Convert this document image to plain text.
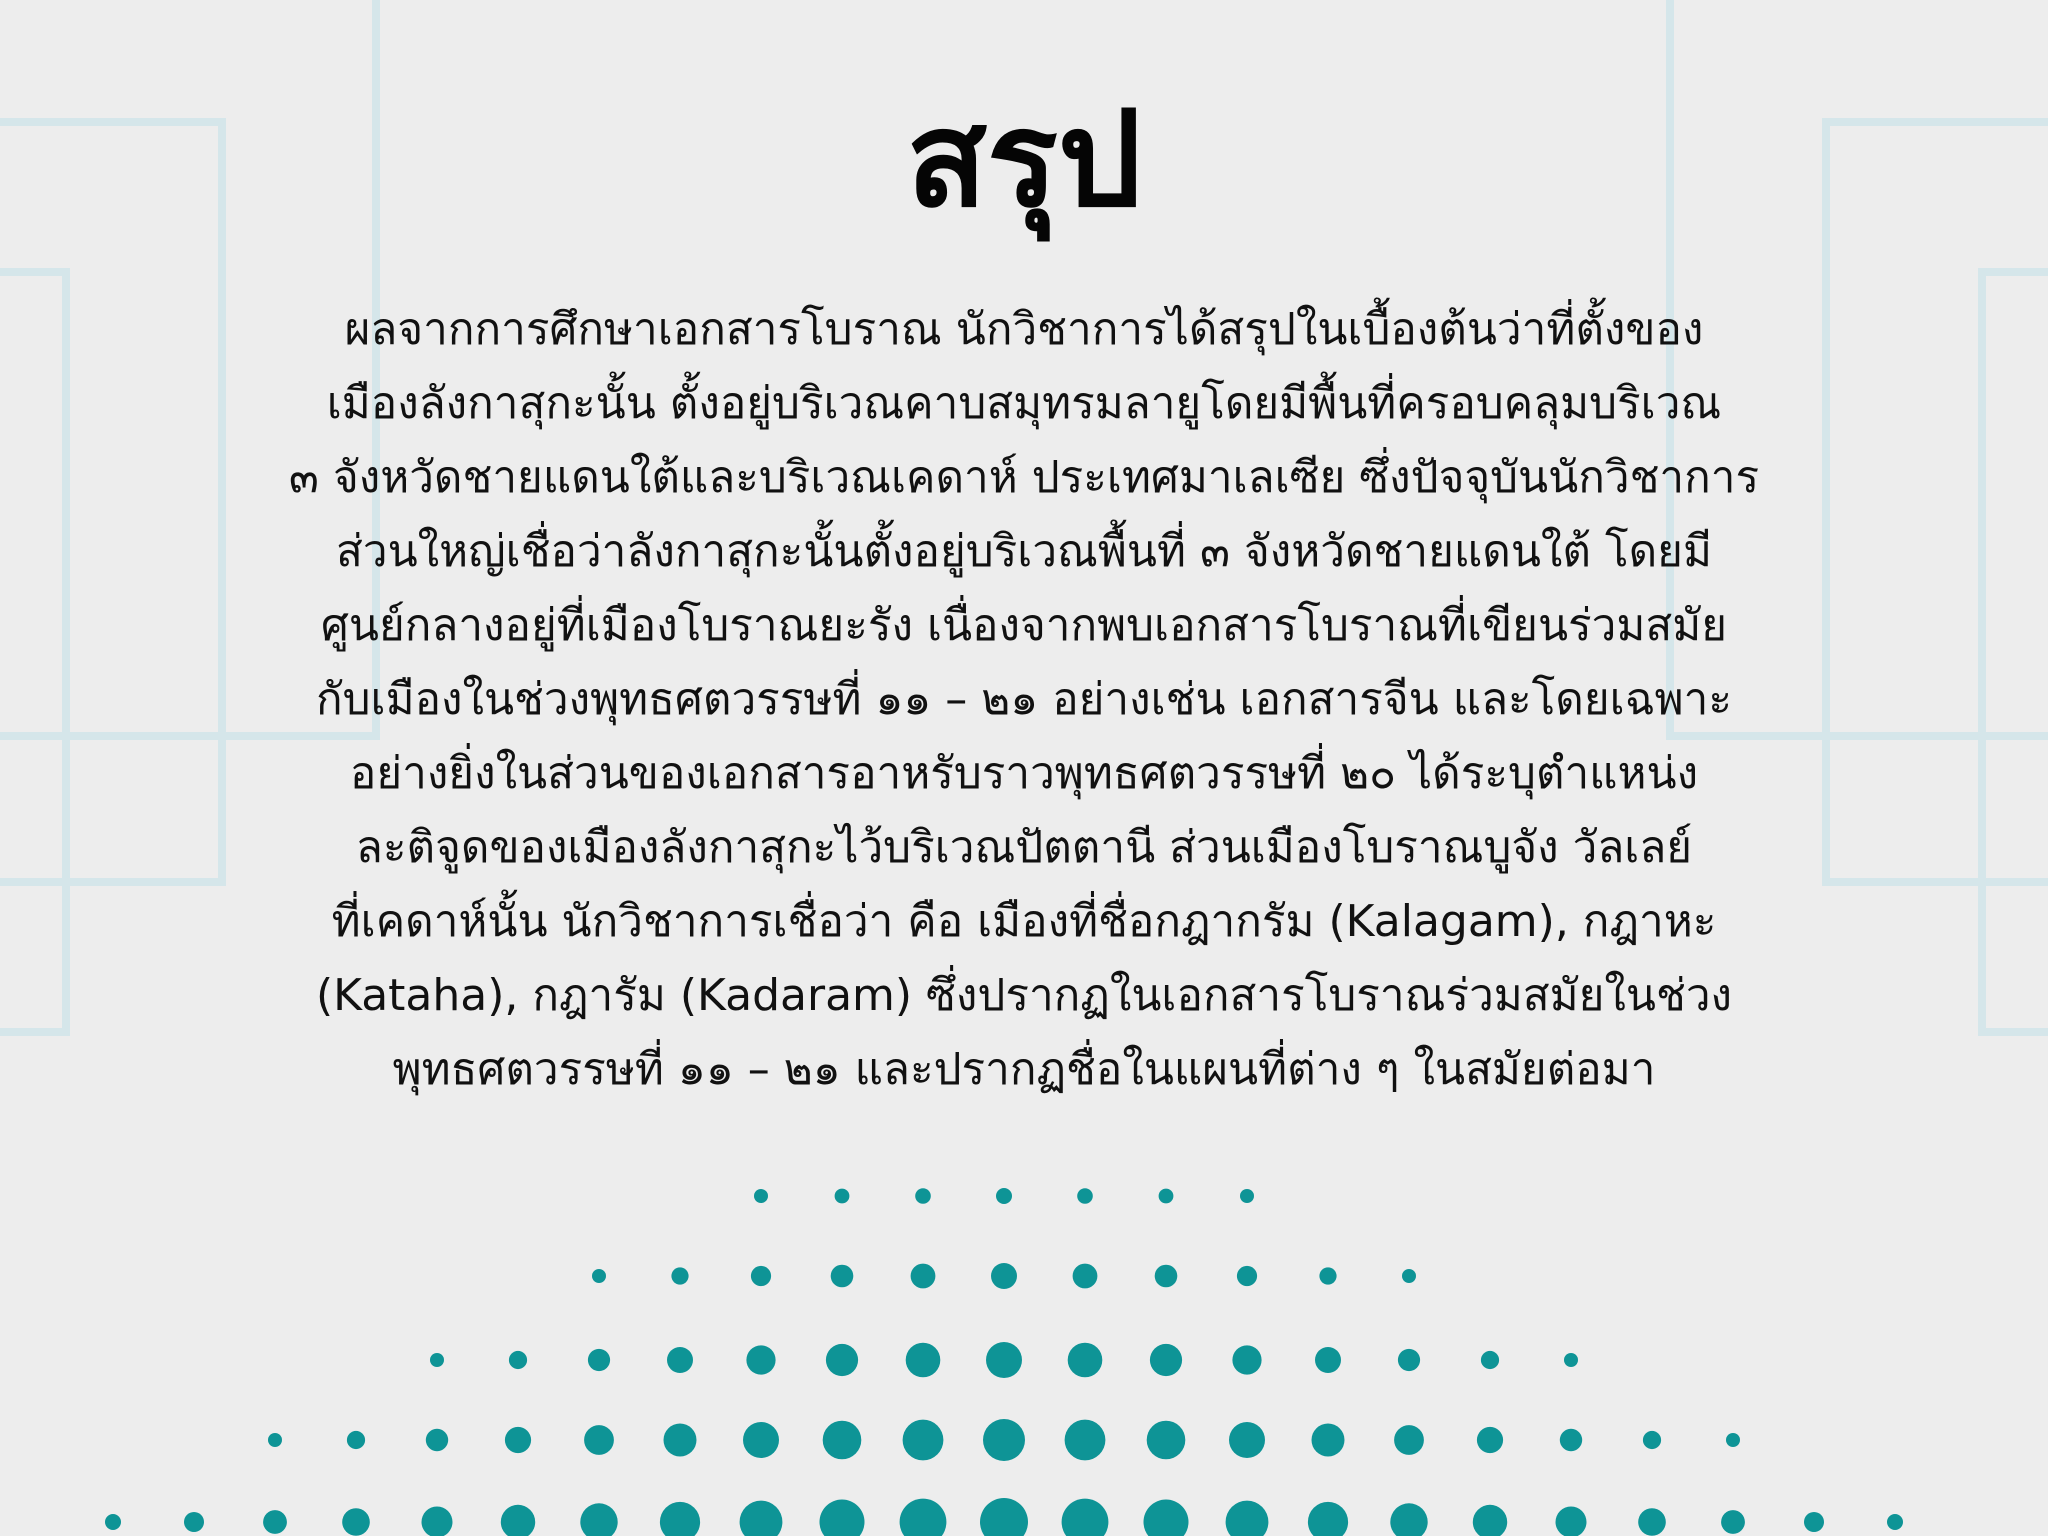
สรุป
ผลจากการศึกษาเอกสารโบราณ นักวิชาการได้สรุปในเบื้องต้นว่าที่ตั้งของ
เมืองลังกาสุกะนั้น ตั้งอยู่บริเวณคาบสมุทรมลายูโดยมีพื้นที่ครอบคลุมบริเวณ
๓ จังหวัดชายแดนใต้และบริเวณเคดาห์ ประเทศมาเลเซีย ซึ่งปัจจุบันนักวิชาการ
ส่วนใหญ่เชื่อว่าลังกาสุกะนั้นตั้งอยู่บริเวณพื้นที่ ๓ จังหวัดชายแดนใต้ โดยมี
ศูนย์กลางอยู่ที่เมืองโบราณยะรัง เนื่องจากพบเอกสารโบราณที่เขียนร่วมสมัย
กับเมืองในช่วงพุทธศตวรรษที่ ๑๑ – ๒๑ อย่างเช่น เอกสารจีน และโดยเฉพาะ
อย่างยิ่งในส่วนของเอกสารอาหรับราวพุทธศตวรรษที่ ๒๐ ได้ระบุตำแหน่ง
ละติจูดของเมืองลังกาสุกะไว้บริเวณปัตตานี ส่วนเมืองโบราณบูจัง วัลเลย์
ที่เคดาห์นั้น นักวิชาการเชื่อว่า คือ เมืองที่ชื่อกฎากรัม (Kalagam), กฎาหะ
(Kataha), กฎารัม (Kadaram) ซึ่งปรากฏในเอกสารโบราณร่วมสมัยในช่วง
พุทธศตวรรษที่ ๑๑ – ๒๑ และปรากฏชื่อในแผนที่ต่าง ๆ ในสมัยต่อมา
